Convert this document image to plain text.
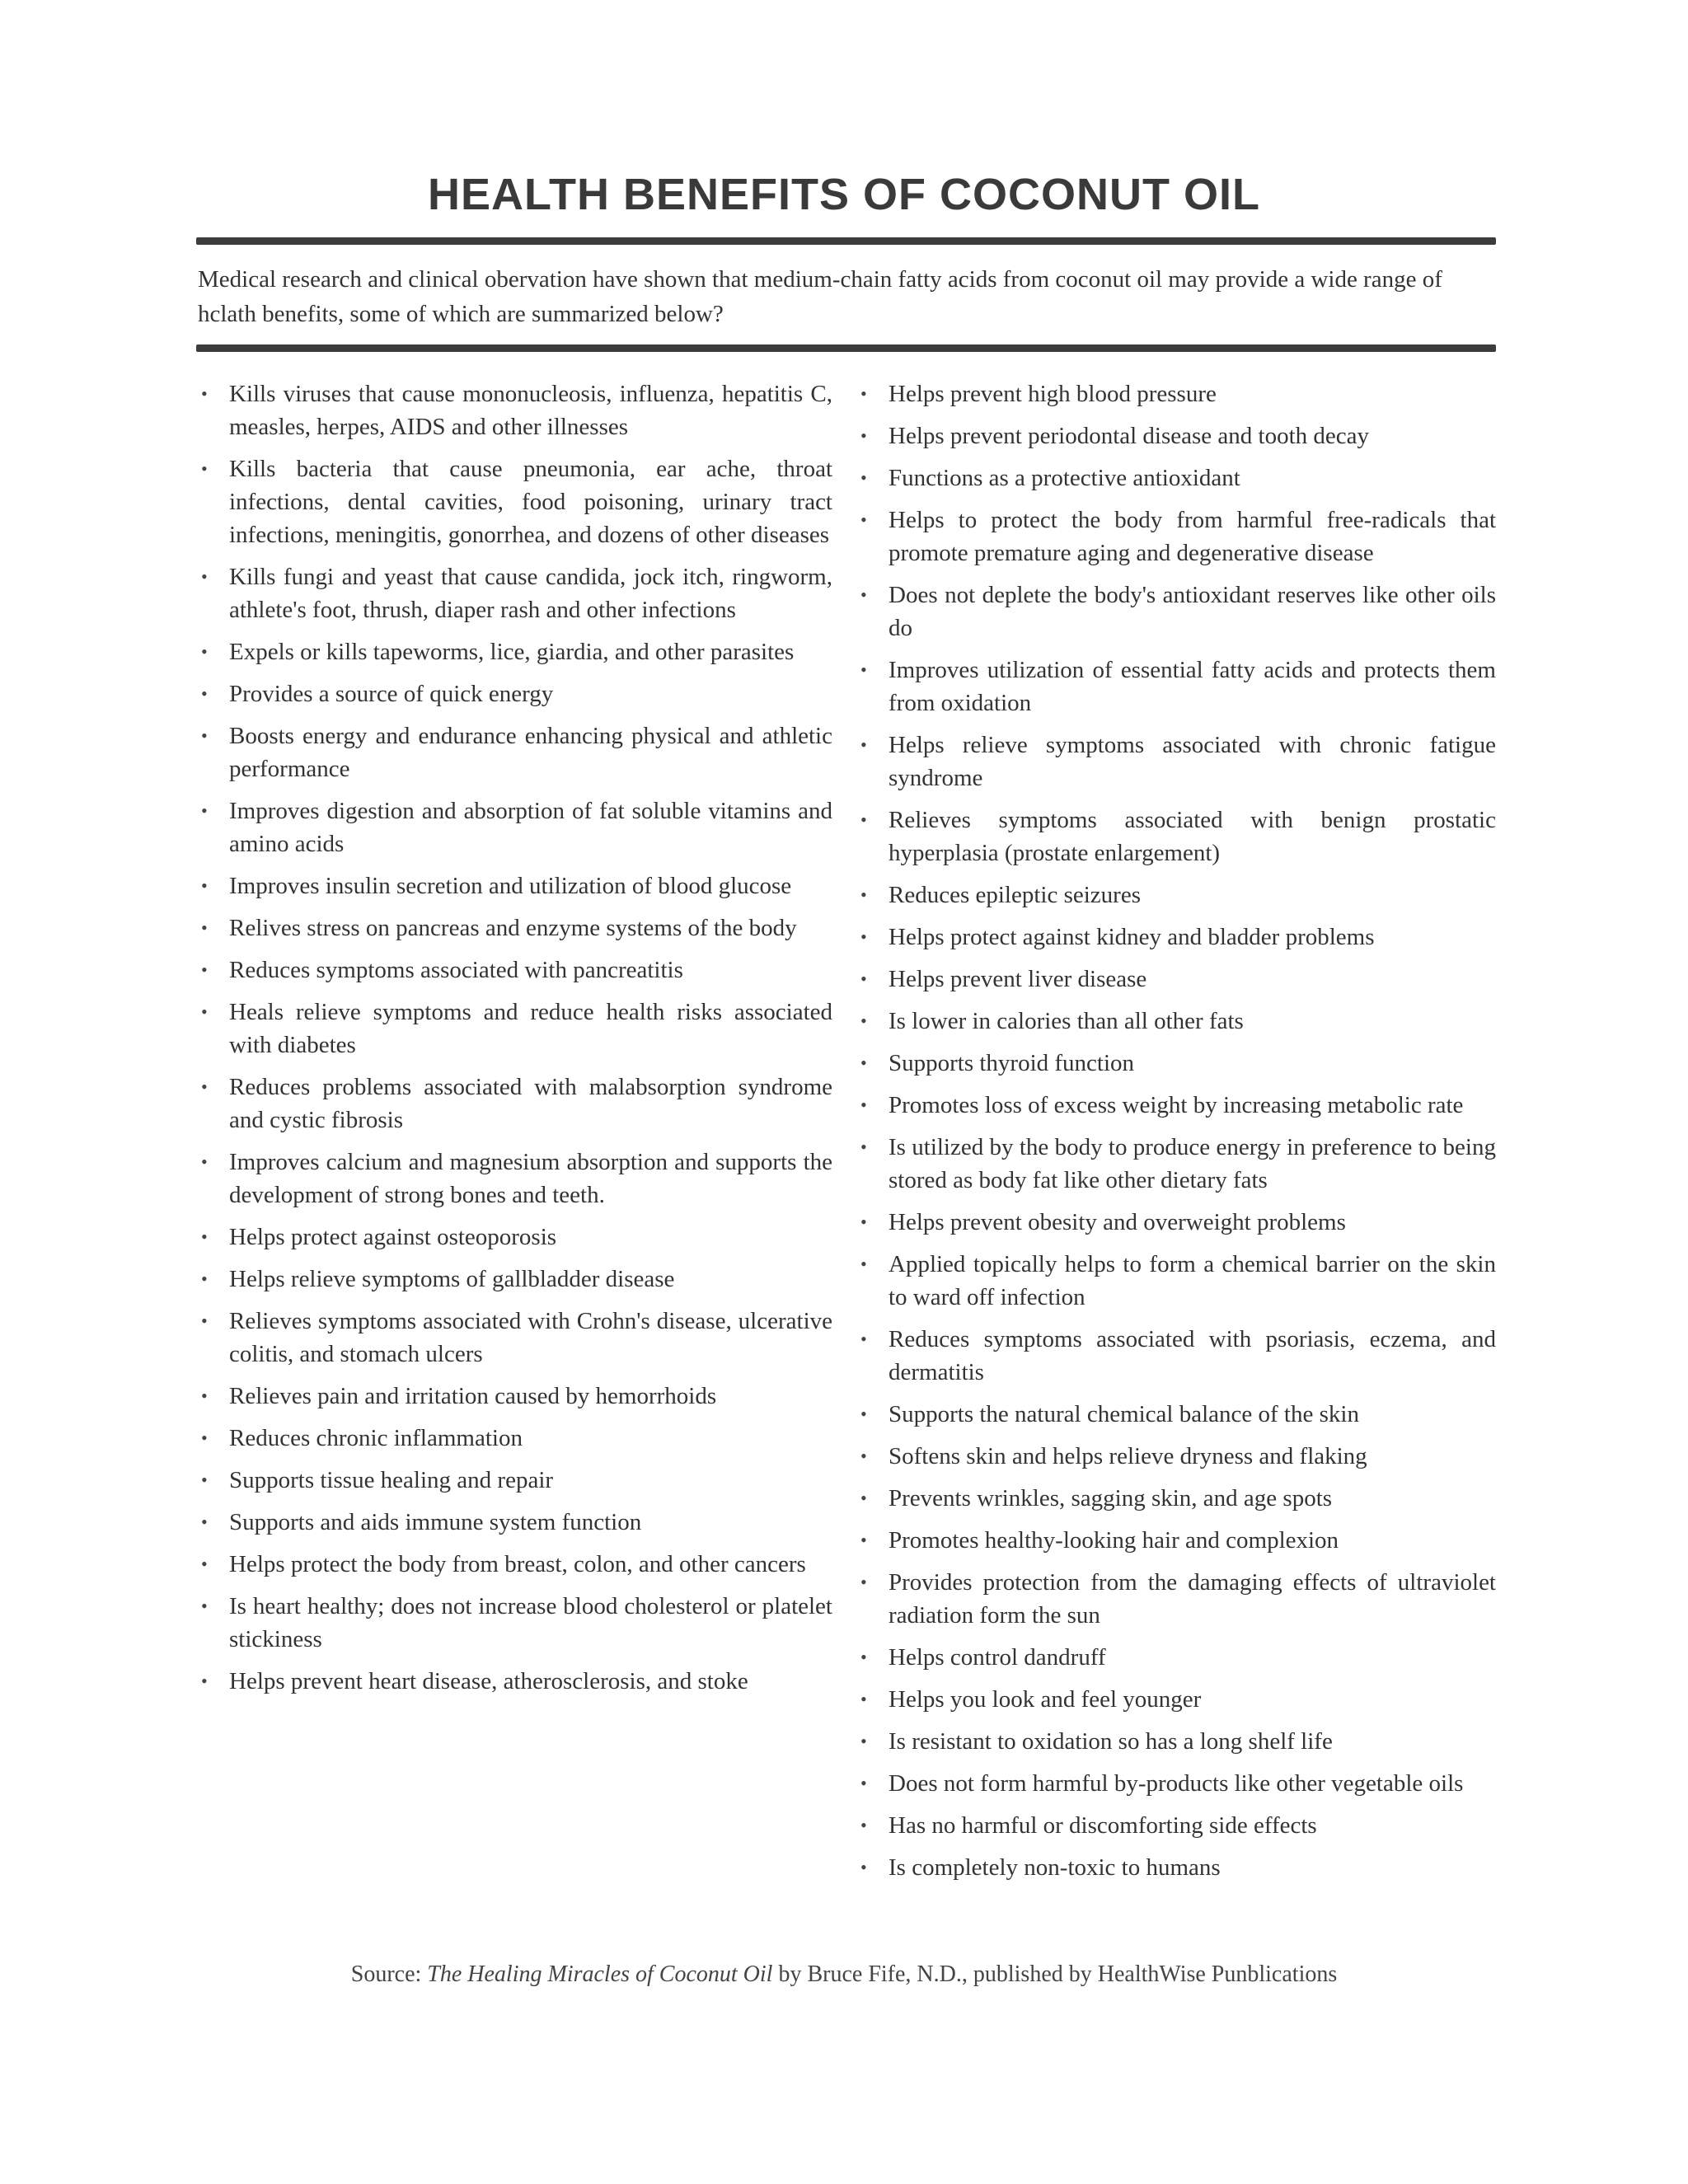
HEALTH BENEFITS OF COCONUT OIL
Medical research and clinical obervation have shown that medium-chain fatty acids from coconut oil may provide a wide range of hclath benefits, some of which are summarized below?
• Kills viruses that cause mononucleosis, influenza, hepatitis C, measles, herpes, AIDS and other illnesses
• Kills bacteria that cause pneumonia, ear ache, throat infections, dental cavities, food poisoning, urinary tract infections, meningitis, gonorrhea, and dozens of other diseases
• Kills fungi and yeast that cause candida, jock itch, ringworm, athlete's foot, thrush, diaper rash and other infections
• Expels or kills tapeworms, lice, giardia, and other parasites
• Provides a source of quick energy
• Boosts energy and endurance enhancing physical and athletic performance
• Improves digestion and absorption of fat soluble vitamins and amino acids
• Improves insulin secretion and utilization of blood glucose
• Relives stress on pancreas and enzyme systems of the body
• Reduces symptoms associated with pancreatitis
• Heals relieve symptoms and reduce health risks associated with diabetes
• Reduces problems associated with malabsorption syndrome and cystic fibrosis
• Improves calcium and magnesium absorption and supports the development of strong bones and teeth.
• Helps protect against osteoporosis
• Helps relieve symptoms of gallbladder disease
• Relieves symptoms associated with Crohn's disease, ulcerative colitis, and stomach ulcers
• Relieves pain and irritation caused by hemorrhoids
• Reduces chronic inflammation
• Supports tissue healing and repair
• Supports and aids immune system function
• Helps protect the body from breast, colon, and other cancers
• Is heart healthy; does not increase blood cholesterol or platelet stickiness
• Helps prevent heart disease, atherosclerosis, and stoke
• Helps prevent high blood pressure
• Helps prevent periodontal disease and tooth decay
• Functions as a protective antioxidant
• Helps to protect the body from harmful free-radicals that promote premature aging and degenerative disease
• Does not deplete the body's antioxidant reserves like other oils do
• Improves utilization of essential fatty acids and protects them from oxidation
• Helps relieve symptoms associated with chronic fatigue syndrome
• Relieves symptoms associated with benign prostatic hyperplasia (prostate enlargement)
• Reduces epileptic seizures
• Helps protect against kidney and bladder problems
• Helps prevent liver disease
• Is lower in calories than all other fats
• Supports thyroid function
• Promotes loss of excess weight by increasing metabolic rate
• Is utilized by the body to produce energy in preference to being stored as body fat like other dietary fats
• Helps prevent obesity and overweight problems
• Applied topically helps to form a chemical barrier on the skin to ward off infection
• Reduces symptoms associated with psoriasis, eczema, and dermatitis
• Supports the natural chemical balance of the skin
• Softens skin and helps relieve dryness and flaking
• Prevents wrinkles, sagging skin, and age spots
• Promotes healthy-looking hair and complexion
• Provides protection from the damaging effects of ultraviolet radiation form the sun
• Helps control dandruff
• Helps you look and feel younger
• Is resistant to oxidation so has a long shelf life
• Does not form harmful by-products like other vegetable oils
• Has no harmful or discomforting side effects
• Is completely non-toxic to humans
Source: The Healing Miracles of Coconut Oil by Bruce Fife, N.D., published by HealthWise Punblications
